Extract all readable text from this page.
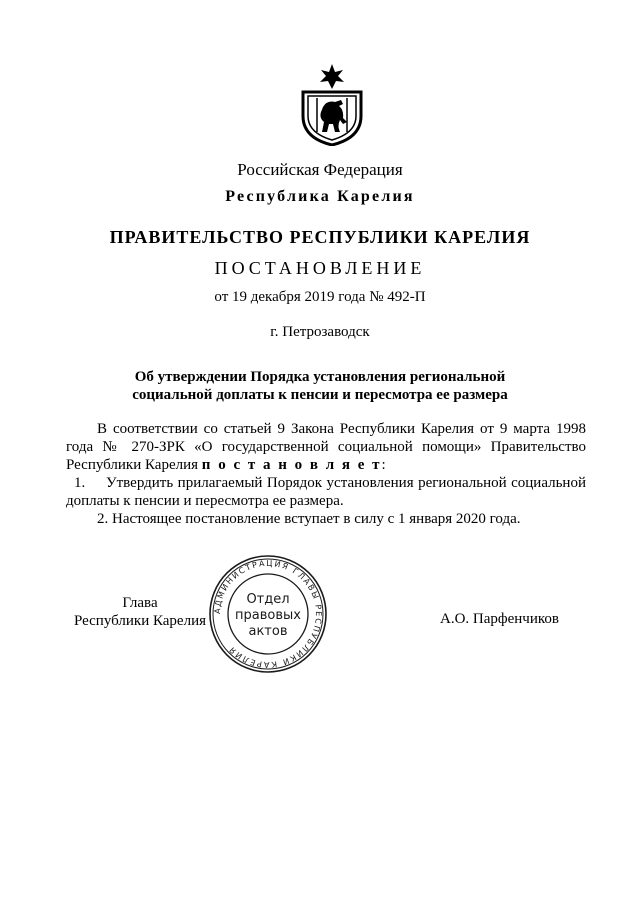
Российская Федерация
Республика Карелия
ПРАВИТЕЛЬСТВО РЕСПУБЛИКИ КАРЕЛИЯ
ПОСТАНОВЛЕНИЕ
от 19 декабря 2019 года № 492-П
г. Петрозаводск
Об утверждении Порядка установления региональной
социальной доплаты к пенсии и пересмотра ее размера

В соответствии со статьей 9 Закона Республики Карелия от 9 марта 1998 года № 270-ЗРК «О государственной социальной помощи» Правительство Республики Карелия п о с т а н о в л я е т:

1. Утвердить прилагаемый Порядок установления региональной социальной доплаты к пенсии и пересмотра ее размера.

2. Настоящее постановление вступает в силу с 1 января 2020 года.

Глава
Республики Карелия
АДМИНИСТРАЦИЯ ГЛАВЫ РЕСПУБЛИКИ КАРЕЛИЯ
Отдел
правовых
актов
А.О. Парфенчиков
